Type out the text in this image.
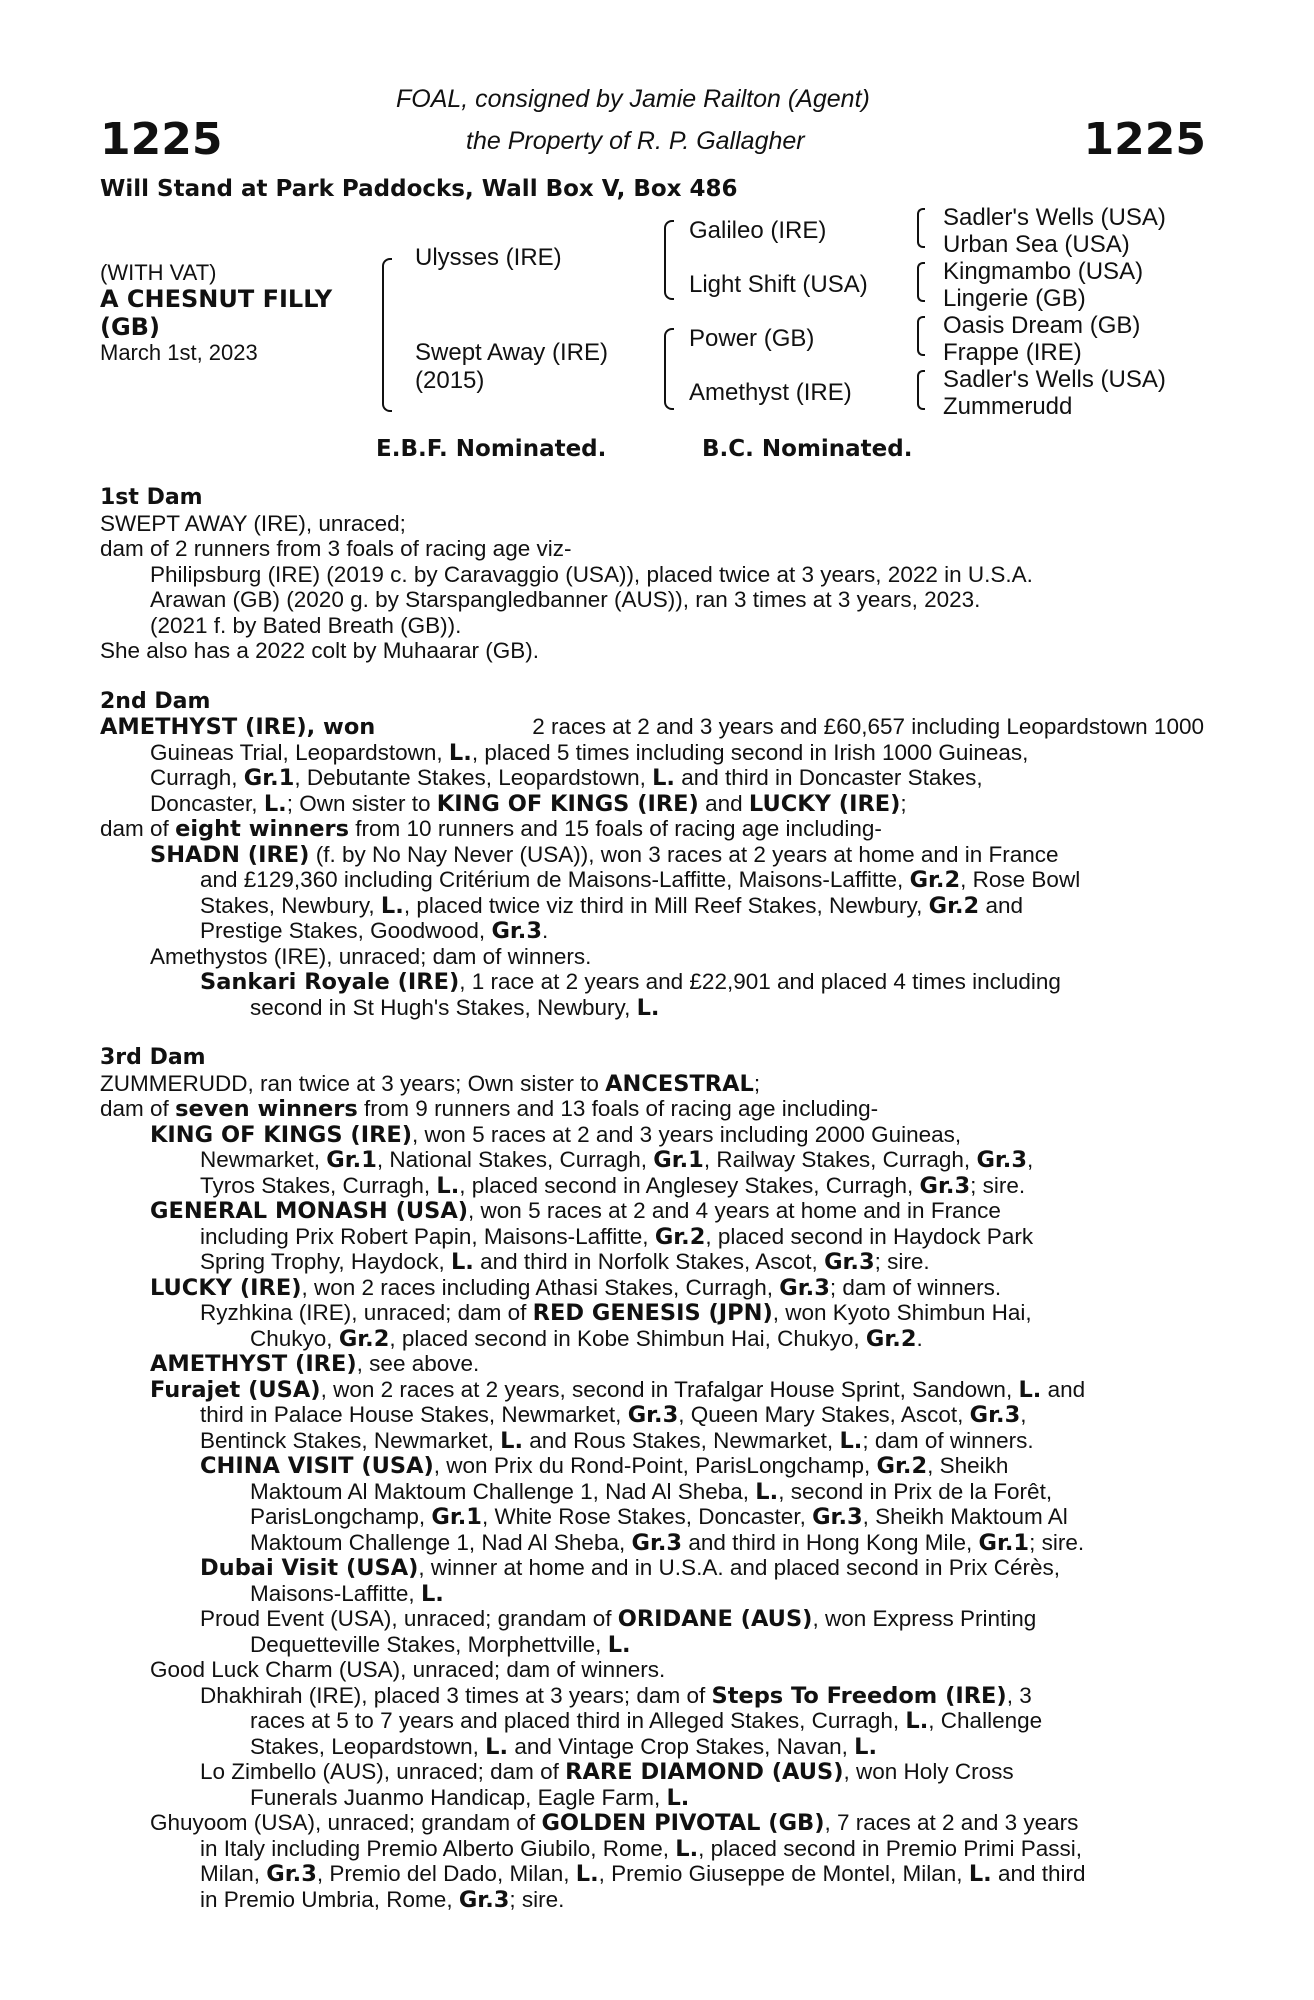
1225	1225
FOAL, consigned by Jamie Railton (Agent)
the Property of R. P. Gallagher
Will Stand at Park Paddocks, Wall Box V, Box 486
(WITH VAT)
A CHESNUT FILLY
(GB)
March 1st, 2023
Ulysses (IRE)
Swept Away (IRE)
(2015)
Galileo (IRE)
Light Shift (USA)
Power (GB)
Amethyst (IRE)
Sadler's Wells (USA)
Urban Sea (USA)
Kingmambo (USA)
Lingerie (GB)
Oasis Dream (GB)
Frappe (IRE)
Sadler's Wells (USA)
Zummerudd
E.B.F. Nominated.	B.C. Nominated.
1st Dam
SWEPT AWAY (IRE), unraced;
dam of 2 runners from 3 foals of racing age viz-
Philipsburg (IRE) (2019 c. by Caravaggio (USA)), placed twice at 3 years, 2022 in U.S.A.
Arawan (GB) (2020 g. by Starspangledbanner (AUS)), ran 3 times at 3 years, 2023.
(2021 f. by Bated Breath (GB)).
She also has a 2022 colt by Muhaarar (GB).
2nd Dam
AMETHYST (IRE), won	2 races at 2 and 3 years and £60,657 including Leopardstown 1000
Guineas Trial, Leopardstown, L., placed 5 times including second in Irish 1000 Guineas,
Curragh, Gr.1, Debutante Stakes, Leopardstown, L. and third in Doncaster Stakes,
Doncaster, L.; Own sister to KING OF KINGS (IRE) and LUCKY (IRE);
dam of eight winners from 10 runners and 15 foals of racing age including-
SHADN (IRE) (f. by No Nay Never (USA)), won 3 races at 2 years at home and in France
and £129,360 including Critérium de Maisons-Laffitte, Maisons-Laffitte, Gr.2, Rose Bowl
Stakes, Newbury, L., placed twice viz third in Mill Reef Stakes, Newbury, Gr.2 and
Prestige Stakes, Goodwood, Gr.3.
Amethystos (IRE), unraced; dam of winners.
Sankari Royale (IRE), 1 race at 2 years and £22,901 and placed 4 times including
second in St Hugh's Stakes, Newbury, L.
3rd Dam
ZUMMERUDD, ran twice at 3 years; Own sister to ANCESTRAL;
dam of seven winners from 9 runners and 13 foals of racing age including-
KING OF KINGS (IRE), won 5 races at 2 and 3 years including 2000 Guineas,
Newmarket, Gr.1, National Stakes, Curragh, Gr.1, Railway Stakes, Curragh, Gr.3,
Tyros Stakes, Curragh, L., placed second in Anglesey Stakes, Curragh, Gr.3; sire.
GENERAL MONASH (USA), won 5 races at 2 and 4 years at home and in France
including Prix Robert Papin, Maisons-Laffitte, Gr.2, placed second in Haydock Park
Spring Trophy, Haydock, L. and third in Norfolk Stakes, Ascot, Gr.3; sire.
LUCKY (IRE), won 2 races including Athasi Stakes, Curragh, Gr.3; dam of winners.
Ryzhkina (IRE), unraced; dam of RED GENESIS (JPN), won Kyoto Shimbun Hai,
Chukyo, Gr.2, placed second in Kobe Shimbun Hai, Chukyo, Gr.2.
AMETHYST (IRE), see above.
Furajet (USA), won 2 races at 2 years, second in Trafalgar House Sprint, Sandown, L. and
third in Palace House Stakes, Newmarket, Gr.3, Queen Mary Stakes, Ascot, Gr.3,
Bentinck Stakes, Newmarket, L. and Rous Stakes, Newmarket, L.; dam of winners.
CHINA VISIT (USA), won Prix du Rond-Point, ParisLongchamp, Gr.2, Sheikh
Maktoum Al Maktoum Challenge 1, Nad Al Sheba, L., second in Prix de la Forêt,
ParisLongchamp, Gr.1, White Rose Stakes, Doncaster, Gr.3, Sheikh Maktoum Al
Maktoum Challenge 1, Nad Al Sheba, Gr.3 and third in Hong Kong Mile, Gr.1; sire.
Dubai Visit (USA), winner at home and in U.S.A. and placed second in Prix Cérès,
Maisons-Laffitte, L.
Proud Event (USA), unraced; grandam of ORIDANE (AUS), won Express Printing
Dequetteville Stakes, Morphettville, L.
Good Luck Charm (USA), unraced; dam of winners.
Dhakhirah (IRE), placed 3 times at 3 years; dam of Steps To Freedom (IRE), 3
races at 5 to 7 years and placed third in Alleged Stakes, Curragh, L., Challenge
Stakes, Leopardstown, L. and Vintage Crop Stakes, Navan, L.
Lo Zimbello (AUS), unraced; dam of RARE DIAMOND (AUS), won Holy Cross
Funerals Juanmo Handicap, Eagle Farm, L.
Ghuyoom (USA), unraced; grandam of GOLDEN PIVOTAL (GB), 7 races at 2 and 3 years
in Italy including Premio Alberto Giubilo, Rome, L., placed second in Premio Primi Passi,
Milan, Gr.3, Premio del Dado, Milan, L., Premio Giuseppe de Montel, Milan, L. and third
in Premio Umbria, Rome, Gr.3; sire.
